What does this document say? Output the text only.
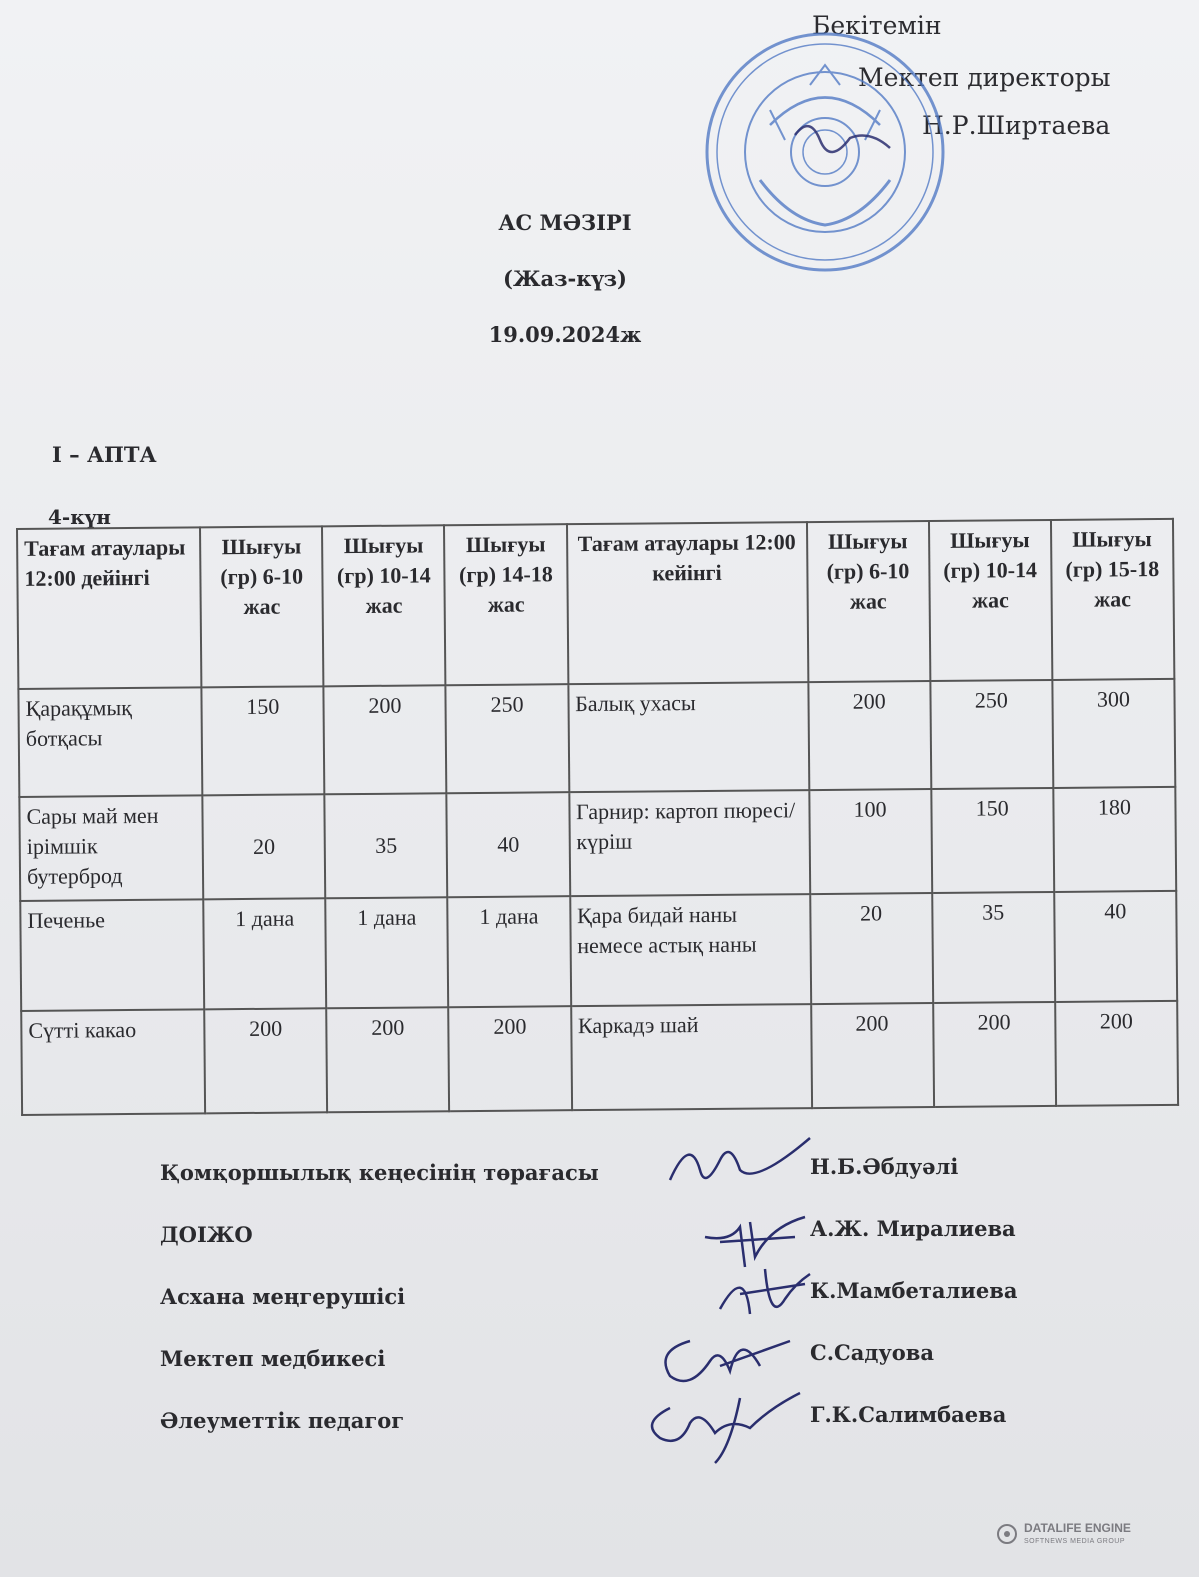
Бекітемін
Мектеп директоры
Н.Р.Ширтаева
АС МӘЗІРІ
(Жаз-күз)
19.09.2024ж
І – АПТА
4-күн
Тағам атаулары 12:00 дейінгі	Шығуы (гр) 6-10 жас	Шығуы (гр) 10-14 жас	Шығуы (гр) 14-18 жас	Тағам атаулары 12:00 кейінгі	Шығуы (гр) 6-10 жас	Шығуы (гр) 10-14 жас	Шығуы (гр) 15-18 жас
Қарақұмық ботқасы	150	200	250	Балық ухасы	200	250	300
Сары май мен ірімшік бутерброд	20	35	40	Гарнир: картоп пюресі/ күріш	100	150	180
Печенье	1 дана	1 дана	1 дана	Қара бидай наны немесе астық наны	20	35	40
Сүтті какао	200	200	200	Каркадэ шай	200	200	200
Қомқоршылық кеңесінің төрағасы	Н.Б.Әбдуәлі
ДОІЖО	А.Ж. Миралиева
Асхана меңгерушісі	К.Мамбеталиева
Мектеп медбикесі	С.Садуова
Әлеуметтік педагог	Г.К.Салимбаева
DATALIFE ENGINE
SOFTNEWS MEDIA GROUP
